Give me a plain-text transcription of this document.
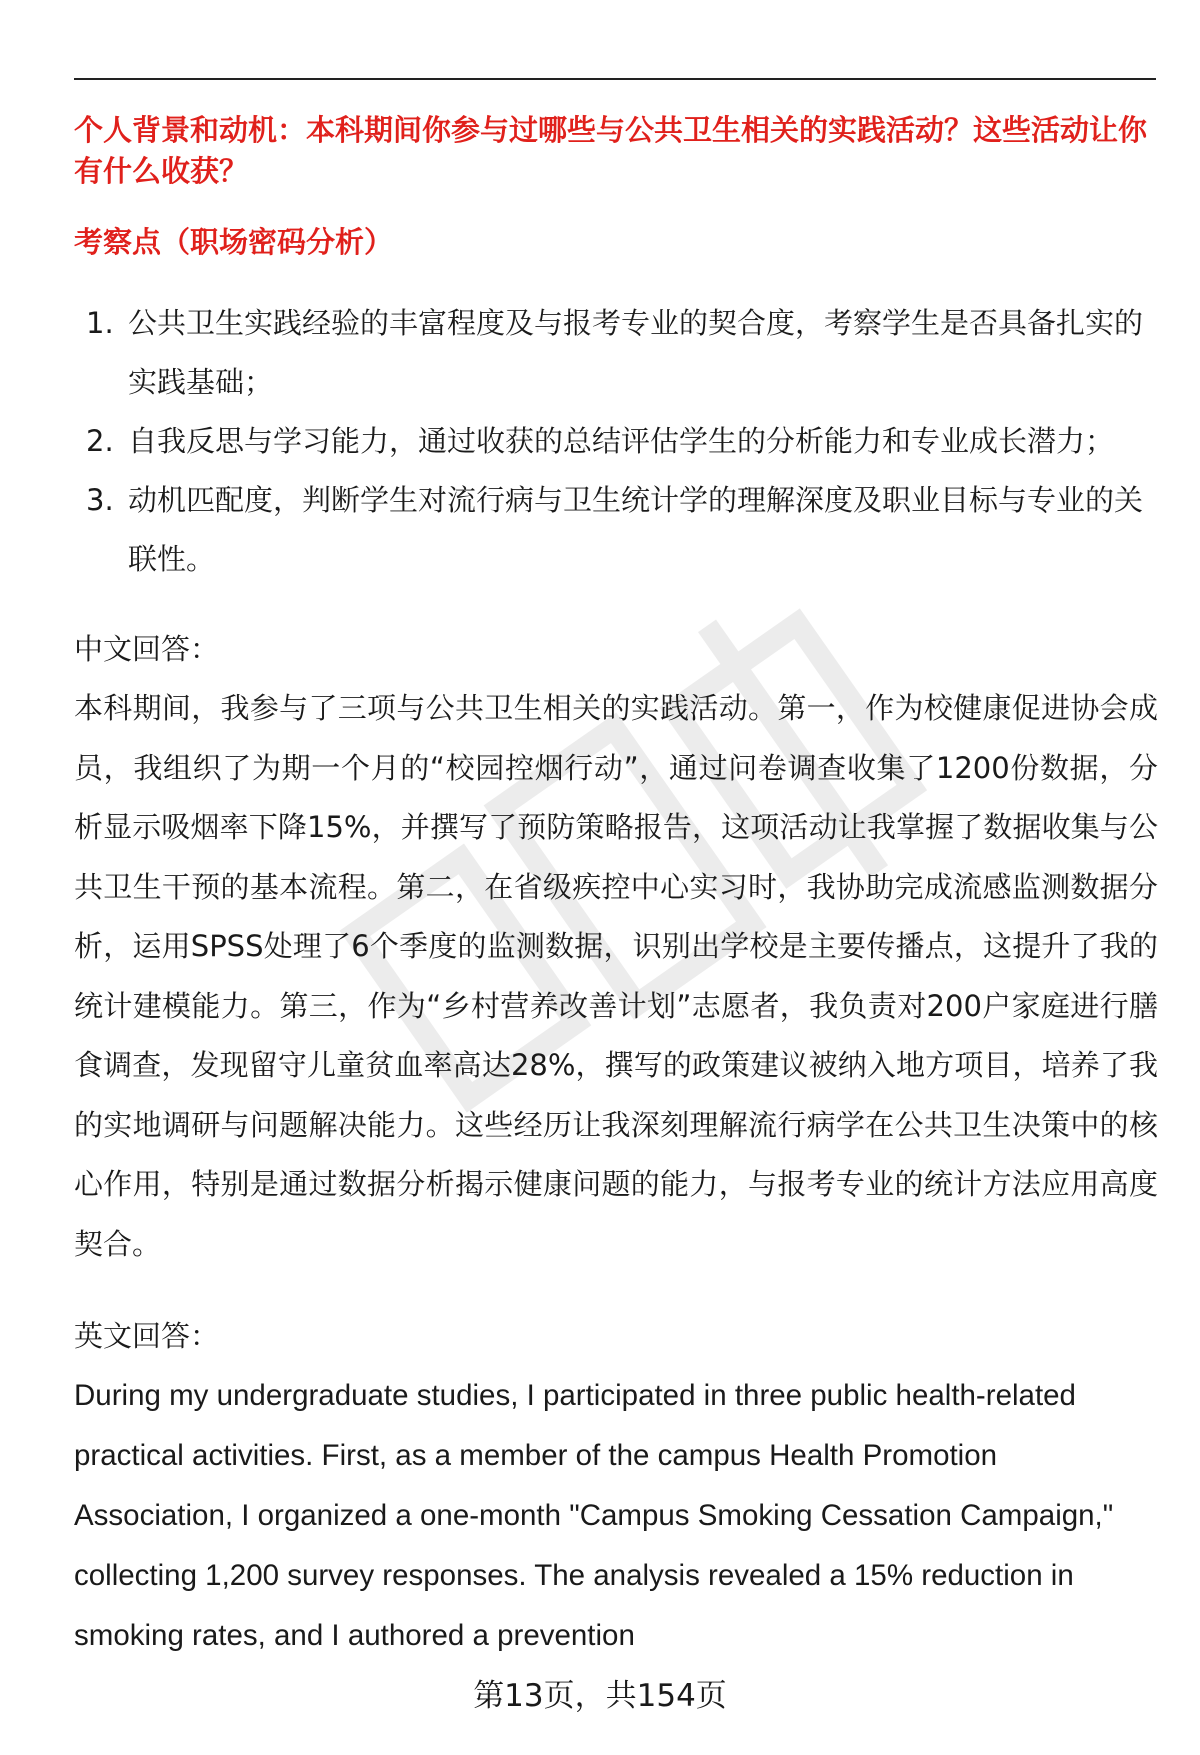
个人背景和动机：本科期间你参与过哪些与公共卫生相关的实践活动？这些活动让你有什么收获？
考察点（职场密码分析）
1. 公共卫生实践经验的丰富程度及与报考专业的契合度，考察学生是否具备扎实的实践基础；
2. 自我反思与学习能力，通过收获的总结评估学生的分析能力和专业成长潜力；
3. 动机匹配度，判断学生对流行病与卫生统计学的理解深度及职业目标与专业的关联性。
中文回答：

本科期间，我参与了三项与公共卫生相关的实践活动。第一，作为校健康促进协会成员，我组织了为期一个月的“校园控烟行动”，通过问卷调查收集了1200份数据，分析显示吸烟率下降15%，并撰写了预防策略报告，这项活动让我掌握了数据收集与公共卫生干预的基本流程。第二，在省级疾控中心实习时，我协助完成流感监测数据分析，运用SPSS处理了6个季度的监测数据，识别出学校是主要传播点，这提升了我的统计建模能力。第三，作为“乡村营养改善计划”志愿者，我负责对200户家庭进行膳食调查，发现留守儿童贫血率高达28%，撰写的政策建议被纳入地方项目，培养了我的实地调研与问题解决能力。这些经历让我深刻理解流行病学在公共卫生决策中的核心作用，特别是通过数据分析揭示健康问题的能力，与报考专业的统计方法应用高度契合。

英文回答：

During my undergraduate studies, I participated in three public health-related practical activities. First, as a member of the campus Health Promotion Association, I organized a one-month "Campus Smoking Cessation Campaign," collecting 1,200 survey responses. The analysis revealed a 15% reduction in smoking rates, and I authored a prevention

第13页，共154页
